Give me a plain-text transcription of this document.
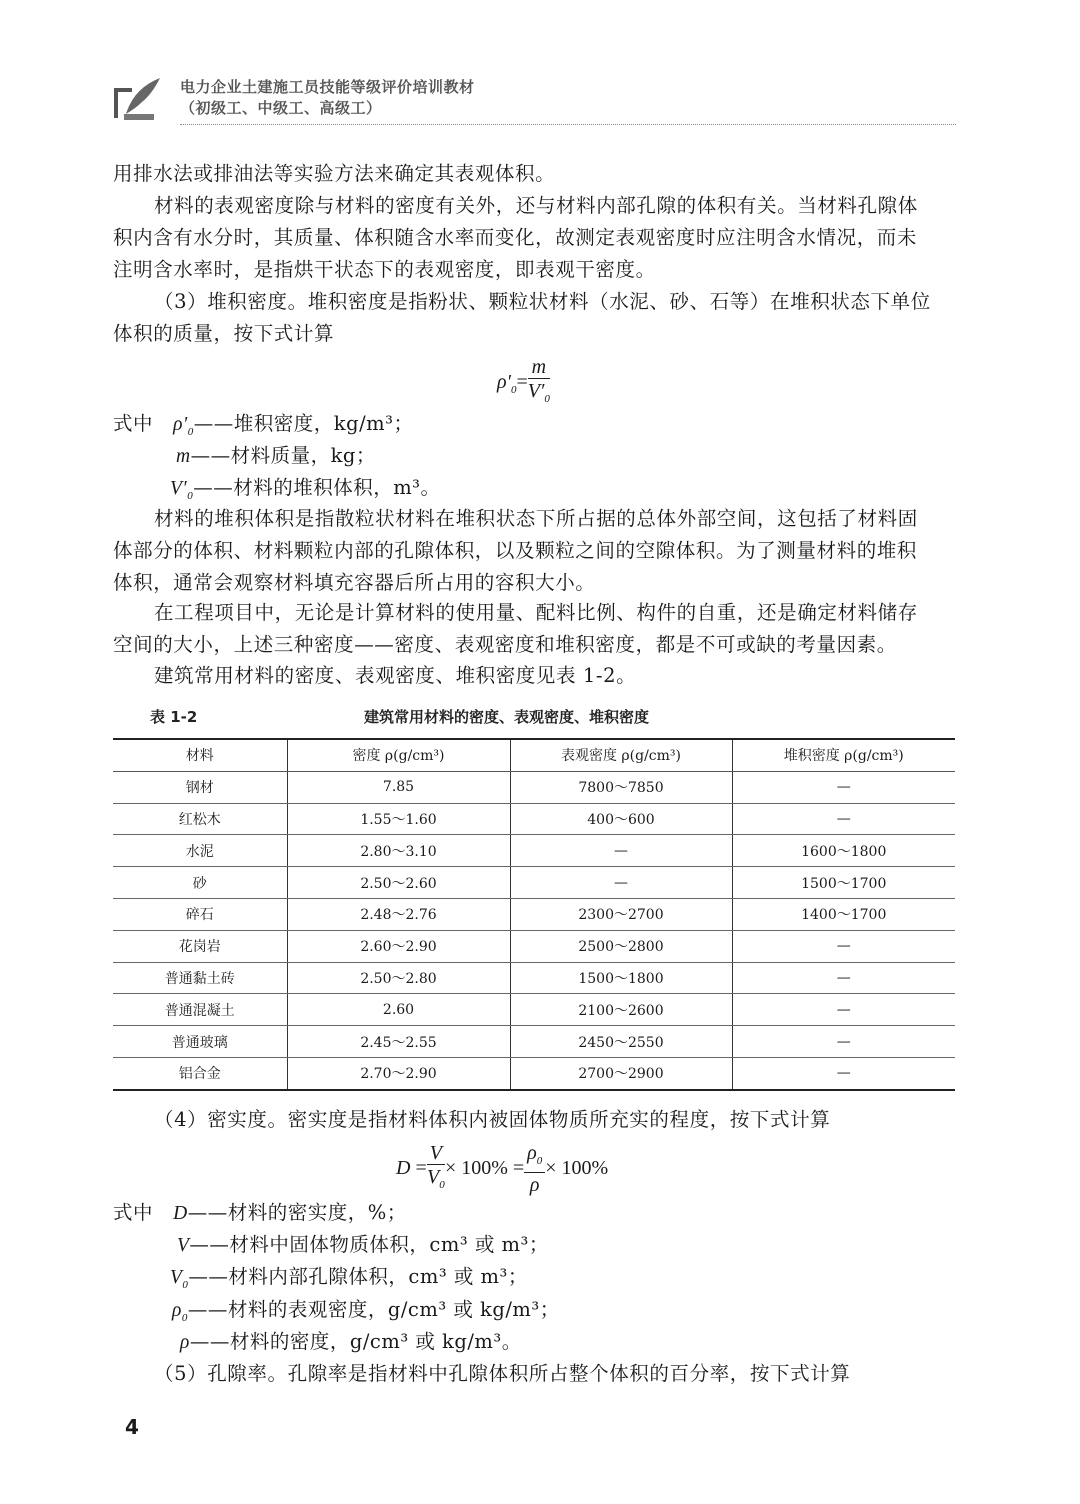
电力企业土建施工员技能等级评价培训教材
（初级工、中级工、高级工）
用排水法或排油法等实验方法来确定其表观体积。
材料的表观密度除与材料的密度有关外，还与材料内部孔隙的体积有关。当材料孔隙体
积内含有水分时，其质量、体积随含水率而变化，故测定表观密度时应注明含水情况，而未
注明含水率时，是指烘干状态下的表观密度，即表观干密度。
（3）堆积密度。堆积密度是指粉状、颗粒状材料（水泥、砂、石等）在堆积状态下单位
体积的质量，按下式计算
$\rho'_0= \frac{m}{V'_0}$
式中 $\rho'_0——$堆积密度，kg/m³；
m——材料质量，kg；
$V'_0——$材料的堆积体积，m³。
材料的堆积体积是指散粒状材料在堆积状态下所占据的总体外部空间，这包括了材料固
体部分的体积、材料颗粒内部的孔隙体积，以及颗粒之间的空隙体积。为了测量材料的堆积
体积，通常会观察材料填充容器后所占用的容积大小。
在工程项目中，无论是计算材料的使用量、配料比例、构件的自重，还是确定材料储存
空间的大小，上述三种密度——密度、表观密度和堆积密度，都是不可或缺的考量因素。
建筑常用材料的密度、表观密度、堆积密度见表 1-2。
表 1-2	建筑常用材料的密度、表观密度、堆积密度
材料	密度 ρ(g/cm³)	表观密度 ρ(g/cm³)	堆积密度 ρ(g/cm³)
钢材	7.85	7800～7850	—
红松木	1.55～1.60	400～600	—
水泥	2.80～3.10	—	1600～1800
砂	2.50～2.60	—	1500～1700
碎石	2.48～2.76	2300～2700	1400～1700
花岗岩	2.60～2.90	2500～2800	—
普通黏土砖	2.50～2.80	1500～1800	—
普通混凝土	2.60	2100～2600	—
普通玻璃	2.45～2.55	2450～2550	—
铝合金	2.70～2.90	2700～2900	—
（4）密实度。密实度是指材料体积内被固体物质所充实的程度，按下式计算
$D = \frac{V}{V_0} \times 100\% = \frac{\rho_0}{\rho} \times 100\%$
式中 D——材料的密实度，%；
V——材料中固体物质体积，cm³ 或 m³；
$V_0——$材料内部孔隙体积，cm³ 或 m³；
$\rho_0——$材料的表观密度，g/cm³ 或 kg/m³；
ρ——材料的密度，g/cm³ 或 kg/m³。
（5）孔隙率。孔隙率是指材料中孔隙体积所占整个体积的百分率，按下式计算
4
